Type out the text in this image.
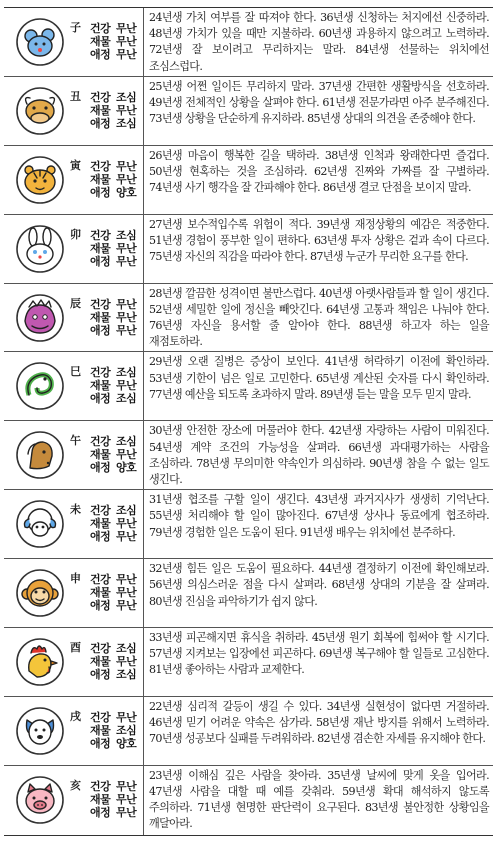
子 건강 무난
재물 무난
애정 무난

24년생 가치 여부를 잘 따져야 한다. 36년생 신청하는 처지에선 신중하라. 48년생 가치가 있을 때만 지불하라. 60년생 과용하지 않으려고 노력하라. 72년생 잘 보이려고 무리하지는 말라. 84년생 선물하는 위치에선 조심스럽다.

丑 건강 조심
재물 무난
애정 조심

25년생 어쩐 일이든 무리하지 말라. 37년생 간편한 생활방식을 선호하라. 49년생 전체적인 상황을 살펴야 한다. 61년생 전문가라면 아주 분주해진다. 73년생 상황을 단순하게 유지하라. 85년생 상대의 의견을 존중해야 한다.

寅 건강 무난
재물 무난
애정 양호

26년생 마음이 행복한 길을 택하라. 38년생 인척과 왕래한다면 즐겁다. 50년생 현혹하는 것을 조심하라. 62년생 진짜와 가짜를 잘 구별하라. 74년생 사기 행각을 잘 간파해야 한다. 86년생 결코 단점을 보이지 말라.

卯 건강 조심
재물 무난
애정 무난

27년생 보수적입수록 위험이 적다. 39년생 재정상황의 예감은 적중한다. 51년생 경험이 풍부한 일이 편하다. 63년생 투자 상황은 겉과 속이 다르다. 75년생 자신의 직감을 따라야 한다. 87년생 누군가 무리한 요구를 한다.

辰 건강 무난
재물 무난
애정 무난

28년생 깔끔한 성격이면 불만스럽다. 40년생 아랫사람들과 할 일이 생긴다. 52년생 세밀한 일에 정신을 빼앗긴다. 64년생 고통과 책임은 나눠야 한다. 76년생 자신을 용서할 줄 알아야 한다. 88년생 하고자 하는 일을 재점토하라.

巳 건강 조심
재물 무난
애정 조심

29년생 오랜 질병은 증상이 보인다. 41년생 허락하기 이전에 확인하라. 53년생 기한이 넘은 일로 고민한다. 65년생 계산된 숫자를 다시 확인하라. 77년생 예산을 되도록 초과하지 말라. 89년생 듣는 말을 모두 믿지 말라.

午 건강 조심
재물 무난
애정 양호

30년생 안전한 장소에 머물러야 한다. 42년생 자랑하는 사람이 미워진다. 54년생 계약 조건의 가능성을 살펴라. 66년생 과대평가하는 사람을 조심하라. 78년생 무의미한 약속인가 의심하라. 90년생 참을 수 없는 일도 생긴다.

未 건강 조심
재물 무난
애정 무난

31년생 협조를 구할 일이 생긴다. 43년생 과거지사가 생생히 기억난다. 55년생 처리해야 할 일이 많아진다. 67년생 상사나 동료에게 협조하라. 79년생 경험한 일은 도움이 된다. 91년생 배우는 위치에선 분주하다.

申 건강 무난
재물 무난
애정 무난

32년생 힘든 일은 도움이 필요하다. 44년생 결정하기 이전에 확인해보라. 56년생 의심스러운 점을 다시 살펴라. 68년생 상대의 기분을 잘 살펴라. 80년생 진심을 파악하기가 쉽지 않다.

酉 건강 조심
재물 무난
애정 조심

33년생 피곤해지면 휴식을 취하라. 45년생 원기 회복에 힘써야 할 시기다. 57년생 지켜보는 입장에선 피곤하다. 69년생 복구해야 할 일들로 고심한다. 81년생 좋아하는 사람과 교제한다.

戌 건강 무난
재물 조심
애정 양호

22년생 심리적 갈등이 생길 수 있다. 34년생 실현성이 없다면 거절하라. 46년생 믿기 어려운 약속은 삼가라. 58년생 재난 방지를 위해서 노력하라. 70년생 성공보다 실패를 두려워하라. 82년생 겸손한 자세를 유지해야 한다.

亥 건강 무난
재물 무난
애정 무난

23년생 이해심 깊은 사람을 찾아라. 35년생 날씨에 맞게 옷을 입어라. 47년생 사람을 대할 때 예를 갖춰라. 59년생 확대 해석하지 않도록 주의하라. 71년생 현명한 판단력이 요구된다. 83년생 불안정한 상황임을 깨달아라.
